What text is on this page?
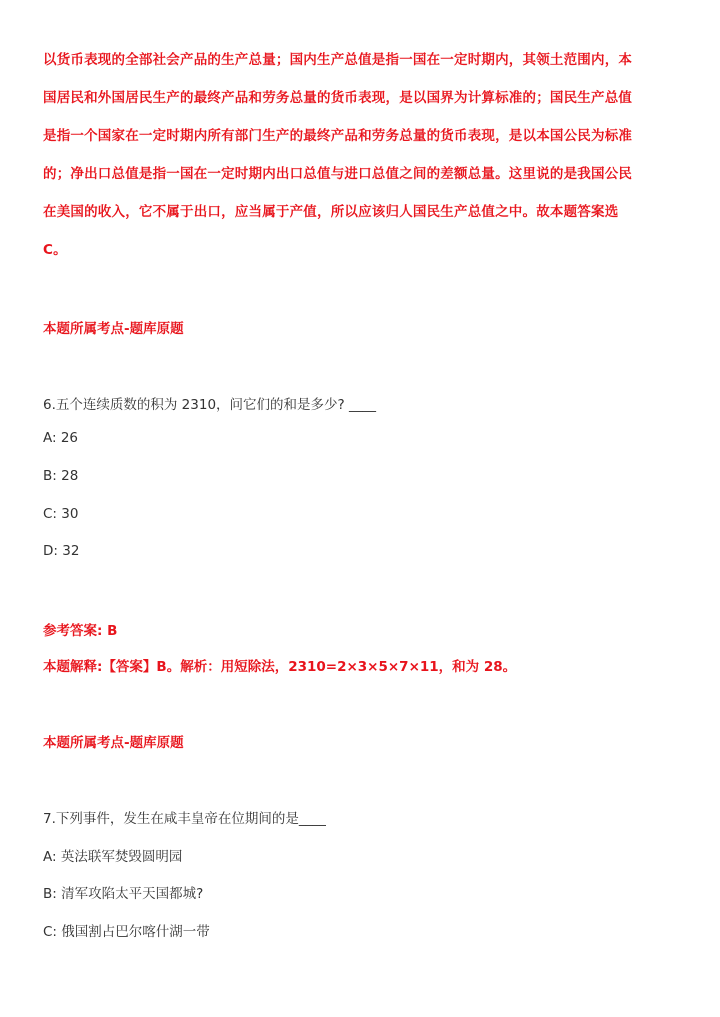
以货币表现的全部社会产品的生产总量；国内生产总值是指一国在一定时期内，其领土范围内，本

国居民和外国居民生产的最终产品和劳务总量的货币表现，是以国界为计算标准的；国民生产总值

是指一个国家在一定时期内所有部门生产的最终产品和劳务总量的货币表现，是以本国公民为标准

的；净出口总值是指一国在一定时期内出口总值与进口总值之间的差额总量。这里说的是我国公民

在美国的收入，它不属于出口，应当属于产值，所以应该归人国民生产总值之中。故本题答案选

C。

本题所属考点-题库原题
6.五个连续质数的积为 2310，问它们的和是多少? ____
A: 26
B: 28
C: 30
D: 32
参考答案: B
本题解释:【答案】B。解析：用短除法，2310=2×3×5×7×11，和为 28。
本题所属考点-题库原题
7.下列事件，发生在咸丰皇帝在位期间的是____
A: 英法联军焚毁圆明园
B: 清军攻陷太平天国都城?
C: 俄国割占巴尔喀什湖一带
